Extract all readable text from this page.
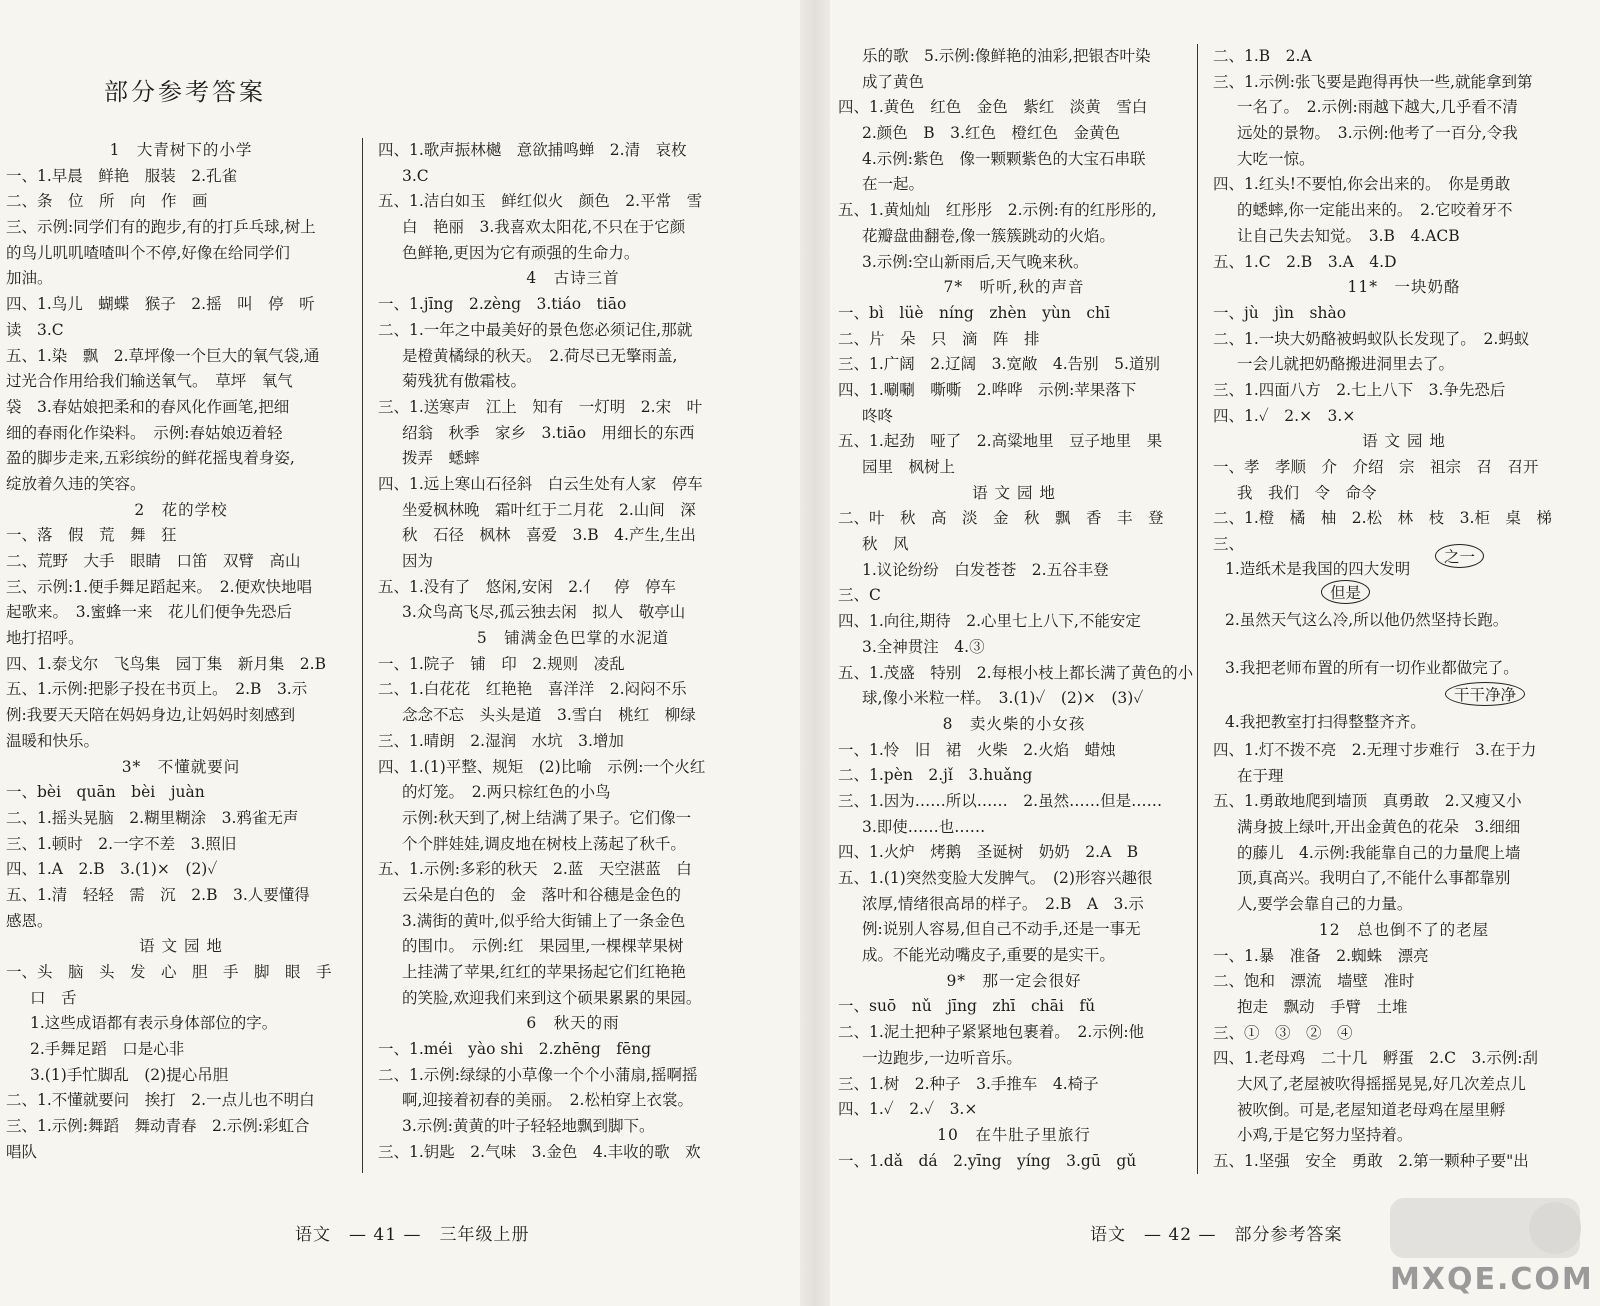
部分参考答案
1　大青树下的小学
一、1.早晨　鲜艳　服装　2.孔雀
二、条　位　所　向　作　画
三、示例:同学们有的跑步,有的打乒乓球,树上
的鸟儿叽叽喳喳叫个不停,好像在给同学们
加油。
四、1.鸟儿　蝴蝶　猴子　2.摇　叫　停　听
读　3.C
五、1.染　飘　2.草坪像一个巨大的氧气袋,通
过光合作用给我们输送氧气。　草坪　氧气
袋　3.春姑娘把柔和的春风化作画笔,把细
细的春雨化作染料。　示例:春姑娘迈着轻
盈的脚步走来,五彩缤纷的鲜花摇曳着身姿,
绽放着久违的笑容。
2　花的学校
一、落　假　荒　舞　狂
二、荒野　大手　眼睛　口笛　双臂　高山
三、示例:1.便手舞足蹈起来。　2.便欢快地唱
起歌来。　3.蜜蜂一来　花儿们便争先恐后
地打招呼。
四、1.泰戈尔　飞鸟集　园丁集　新月集　2.B
五、1.示例:把影子投在书页上。　2.B　3.示
例:我要天天陪在妈妈身边,让妈妈时刻感到
温暖和快乐。
3*　不懂就要问
一、bèi　quān　bèi　juàn
二、1.摇头晃脑　2.糊里糊涂　3.鸦雀无声
三、1.顿时　2.一字不差　3.照旧
四、1.A　2.B　3.(1)×　(2)✓
五、1.清　轻轻　需　沉　2.B　3.人要懂得
感恩。
语 文 园 地
一、头　脑　头　发　心　胆　手　脚　眼　手
口　舌
1.这些成语都有表示身体部位的字。
2.手舞足蹈　口是心非
3.(1)手忙脚乱　(2)提心吊胆
二、1.不懂就要问　挨打　2.一点儿也不明白
三、1.示例:舞蹈　舞动青春　2.示例:彩虹合
唱队
四、1.歌声振林樾　意欲捕鸣蝉　2.清　哀枚
3.C
五、1.洁白如玉　鲜红似火　颜色　2.平常　雪
白　艳丽　3.我喜欢太阳花,不只在于它颜
色鲜艳,更因为它有顽强的生命力。
4　古诗三首
一、1.jīng　2.zèng　3.tiáo　tiāo
二、1.一年之中最美好的景色您必须记住,那就
是橙黄橘绿的秋天。　2.荷尽已无擎雨盖,
菊残犹有傲霜枝。
三、1.送寒声　江上　知有　一灯明　2.宋　叶
绍翁　秋季　家乡　3.tiāo　用细长的东西
拨弄　蟋蟀
四、1.远上寒山石径斜　白云生处有人家　停车
坐爱枫林晚　霜叶红于二月花　2.山间　深
秋　石径　枫林　喜爱　3.B　4.产生,生出
因为
五、1.没有了　悠闲,安闲　2.亻　停　停车
3.众鸟高飞尽,孤云独去闲　拟人　敬亭山
5　铺满金色巴掌的水泥道
一、1.院子　铺　印　2.规则　凌乱
二、1.白花花　红艳艳　喜洋洋　2.闷闷不乐
念念不忘　头头是道　3.雪白　桃红　柳绿
三、1.晴朗　2.湿润　水坑　3.增加
四、1.(1)平整、规矩　(2)比喻　示例:一个火红
的灯笼。　2.两只棕红色的小鸟
示例:秋天到了,树上结满了果子。它们像一
个个胖娃娃,调皮地在树枝上荡起了秋千。
五、1.示例:多彩的秋天　2.蓝　天空湛蓝　白
云朵是白色的　金　落叶和谷穗是金色的
3.满街的黄叶,似乎给大街铺上了一条金色
的围巾。　示例:红　果园里,一棵棵苹果树
上挂满了苹果,红红的苹果扬起它们红艳艳
的笑脸,欢迎我们来到这个硕果累累的果园。
6　秋天的雨
一、1.méi　yào shi　2.zhēng　fēng
二、1.示例:绿绿的小草像一个个小蒲扇,摇啊摇
啊,迎接着初春的美丽。　2.松柏穿上衣裳。
3.示例:黄黄的叶子轻轻地飘到脚下。
三、1.钥匙　2.气味　3.金色　4.丰收的歌　欢
语文　— 41 —　三年级上册
乐的歌　5.示例:像鲜艳的油彩,把银杏叶染
成了黄色
四、1.黄色　红色　金色　紫红　淡黄　雪白
2.颜色　B　3.红色　橙红色　金黄色
4.示例:紫色　像一颗颗紫色的大宝石串联
在一起。
五、1.黄灿灿　红彤彤　2.示例:有的红彤彤的,
花瓣盘曲翻卷,像一簇簇跳动的火焰。
3.示例:空山新雨后,天气晚来秋。
7*　听听,秋的声音
一、bì　lüè　níng　zhèn　yùn　chī
二、片　朵　只　滴　阵　排
三、1.广阔　2.辽阔　3.宽敞　4.告别　5.道别
四、1.唰唰　嘶嘶　2.哗哗　示例:苹果落下
咚咚
五、1.起劲　哑了　2.高粱地里　豆子地里　果
园里　枫树上
语 文 园 地
二、叶　秋　高　淡　金　秋　飘　香　丰　登
秋　风
1.议论纷纷　白发苍苍　2.五谷丰登
三、C
四、1.向往,期待　2.心里七上八下,不能安定
3.全神贯注　4.③
五、1.茂盛　特别　2.每根小枝上都长满了黄色的小
球,像小米粒一样。　3.(1)✓　(2)×　(3)✓
8　卖火柴的小女孩
一、1.怜　旧　裙　火柴　2.火焰　蜡烛
二、1.pèn　2.jǐ　3.huǎng
三、1.因为……所以……　2.虽然……但是……
3.即使……也……
四、1.火炉　烤鹅　圣诞树　奶奶　2.A　B
五、1.(1)突然变脸大发脾气。　(2)形容兴趣很
浓厚,情绪很高昂的样子。　2.B　A　3.示
例:说别人容易,但自己不动手,还是一事无
成。不能光动嘴皮子,重要的是实干。
9*　那一定会很好
一、suō　nǔ　jīng　zhī　chāi　fǔ
二、1.泥土把种子紧紧地包裹着。　2.示例:他
一边跑步,一边听音乐。
三、1.树　2.种子　3.手推车　4.椅子
四、1.✓　2.✓　3.×
10　在牛肚子里旅行
一、1.dǎ　dá　2.yīng　yíng　3.gū　gǔ
语文　— 42 —　部分参考答案
二、1.B　2.A
三、1.示例:张飞要是跑得再快一些,就能拿到第
一名了。　2.示例:雨越下越大,几乎看不清
远处的景物。　3.示例:他考了一百分,令我
大吃一惊。
四、1.红头!不要怕,你会出来的。　你是勇敢
的蟋蟀,你一定能出来的。　2.它咬着牙不
让自己失去知觉。　3.B　4.ACB
五、1.C　2.B　3.A　4.D
11*　一块奶酪
一、jù　jìn　shào
二、1.一块大奶酪被蚂蚁队长发现了。　2.蚂蚁
一会儿就把奶酪搬进洞里去了。
三、1.四面八方　2.七上八下　3.争先恐后
四、1.✓　2.×　3.×
语 文 园 地
一、孝　孝顺　介　介绍　宗　祖宗　召　召开
我　我们　令　命令
二、1.橙　橘　柚　2.松　林　枝　3.柜　桌　梯
三、
1.造纸术是我国的四大发明
之一
但是
2.虽然天气这么冷,所以他仍然坚持长跑。
3.我把老师布置的所有一切作业都做完了。
干干净净
4.我把教室打扫得整整齐齐。
四、1.灯不拨不亮　2.无理寸步难行　3.在于力
在于理
五、1.勇敢地爬到墙顶　真勇敢　2.又瘦又小
满身披上绿叶,开出金黄色的花朵　3.细细
的藤儿　4.示例:我能靠自己的力量爬上墙
顶,真高兴。我明白了,不能什么事都靠别
人,要学会靠自己的力量。
12　总也倒不了的老屋
一、1.暴　准备　2.蜘蛛　漂亮
二、饱和　漂流　墙壁　准时
抱走　飘动　手臂　土堆
三、①　③　②　④
四、1.老母鸡　二十几　孵蛋　2.C　3.示例:刮
大风了,老屋被吹得摇摇晃晃,好几次差点儿
被吹倒。可是,老屋知道老母鸡在屋里孵
小鸡,于是它努力坚持着。
五、1.坚强　安全　勇敢　2.第一颗种子要"出
MXQE.COM
